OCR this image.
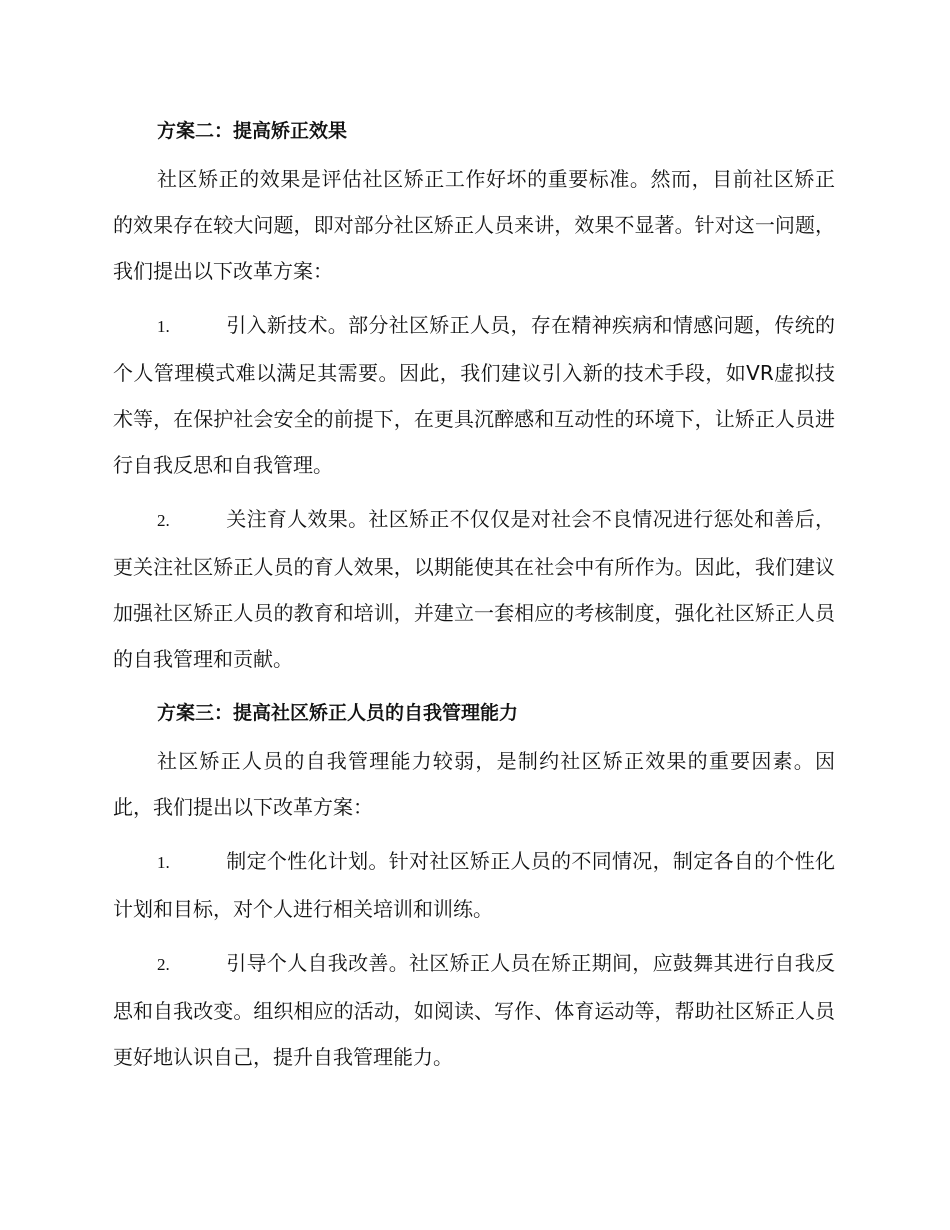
方案二：提高矫正效果

社区矫正的效果是评估社区矫正工作好坏的重要标准。然而，目前社区矫正的效果存在较大问题，即对部分社区矫正人员来讲，效果不显著。针对这一问题，我们提出以下改革方案：

1.	引入新技术。部分社区矫正人员，存在精神疾病和情感问题，传统的个人管理模式难以满足其需要。因此，我们建议引入新的技术手段，如VR虚拟技术等，在保护社会安全的前提下，在更具沉醉感和互动性的环境下，让矫正人员进行自我反思和自我管理。

2.	关注育人效果。社区矫正不仅仅是对社会不良情况进行惩处和善后，更关注社区矫正人员的育人效果，以期能使其在社会中有所作为。因此，我们建议加强社区矫正人员的教育和培训，并建立一套相应的考核制度，强化社区矫正人员的自我管理和贡献。

方案三：提高社区矫正人员的自我管理能力

社区矫正人员的自我管理能力较弱，是制约社区矫正效果的重要因素。因此，我们提出以下改革方案：

1.	制定个性化计划。针对社区矫正人员的不同情况，制定各自的个性化计划和目标，对个人进行相关培训和训练。

2.	引导个人自我改善。社区矫正人员在矫正期间，应鼓舞其进行自我反思和自我改变。组织相应的活动，如阅读、写作、体育运动等，帮助社区矫正人员更好地认识自己，提升自我管理能力。
